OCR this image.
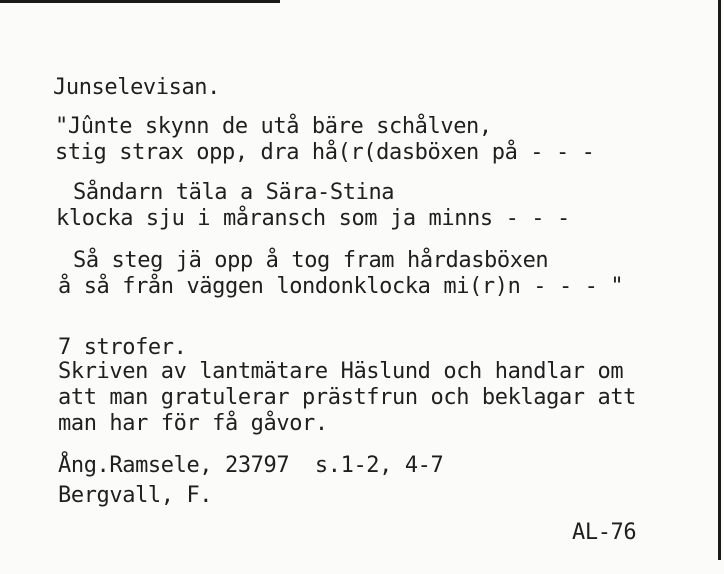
Junselevisan.
"Jûnte skynn de utå bäre schålven,
stig strax opp, dra hå(r(dasböxen på - - -
Såndarn täla a Sära-Stina
klocka sju i måransch som ja minns - - -
Så steg jä opp å tog fram hårdasböxen
å så från väggen londonklocka mi(r)n - - - "
7 strofer.
Skriven av lantmätare Häslund och handlar om
att man gratulerar prästfrun och beklagar att
man har för få gåvor.
Ång.Ramsele, 23797  s.1-2, 4-7
Bergvall, F.
AL-76
